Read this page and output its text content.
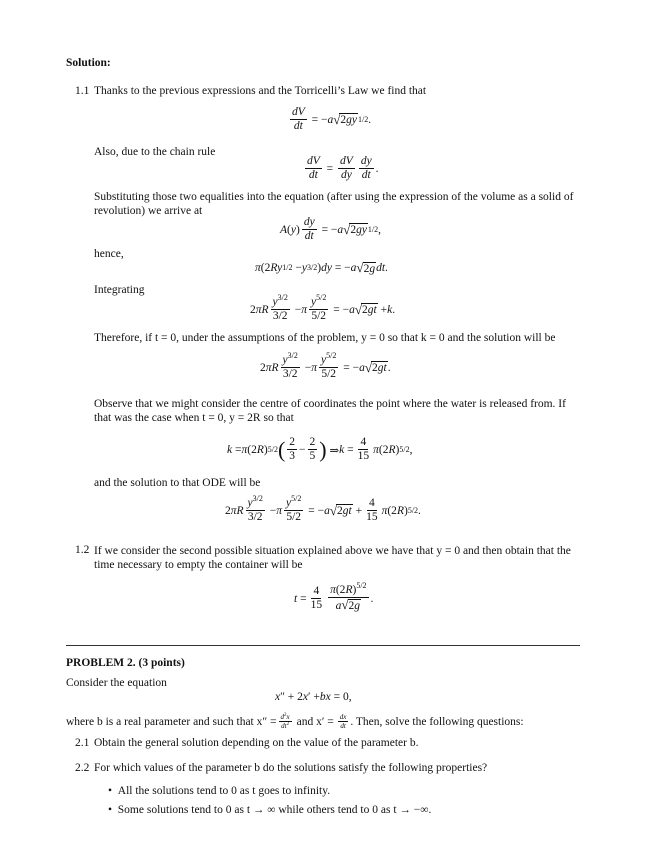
Solution:
1.1 Thanks to the previous expressions and the Torricelli’s Law we find that
$\frac{dV}{dt}$ = − a √ 2gy 1/2 .
Also, due to the chain rule
$\frac{dV}{dt} = \frac{dV}{dy} \frac{dy}{dt}$ .
Substituting those two equalities into the equation (after using the expression of the volume as a solid of revolution) we arrive at
A ( y ) $\frac{dy}{dt}$ = − a √ 2gy 1/2 ,
hence,
π (2 Ry 1/2 − y 3/2 ) dy = − a √ 2g dt .
Integrating
2 πR $\frac{y^{3/2}}{3/2} - \pi \frac{y^{5/2}}{5/2}$ = − a √ 2gt + k .
Therefore, if t = 0, under the assumptions of the problem, y = 0 so that k = 0 and the solution will be
2 πR $\frac{y^{3/2}}{3/2} - \pi \frac{y^{5/2}}{5/2}$ = − a √ 2gt .
Observe that we might consider the centre of coordinates the point where the water is released from. If that was the case when t = 0, y = 2R so that
k = π (2 R ) 5/2 ( $\frac{2}{3} - \frac{2}{5}$ ) ⇒ $k = \frac{4}{15}$ π (2 R ) 5/2 ,
and the solution to that ODE will be
2 πR $\frac{y^{3/2}}{3/2} - \pi \frac{y^{5/2}}{5/2}$ = − a √ $2gt + \frac{4}{15}$ π (2 R ) 5/2 .
1.2 If we consider the second possible situation explained above we have that y = 0 and then obtain that the time necessary to empty the container will be
$t = \frac{4}{15} \frac{\pi(2R)^{5/2}}{a√2g}$ .
PROBLEM 2. (3 points)
Consider the equation
x ″ + 2 x ′ + bx = 0,
where b is a real parameter and such that $x'' = \frac{d^2x}{dt^2}$ and $x' = \frac{dx}{dt}$ . Then, solve the following questions:
2.1 Obtain the general solution depending on the value of the parameter b.
2.2 For which values of the parameter b do the solutions satisfy the following properties?
•  All the solutions tend to 0 as t goes to infinity.
•  Some solutions tend to 0 as t → ∞ while others tend to 0 as t → −∞.
